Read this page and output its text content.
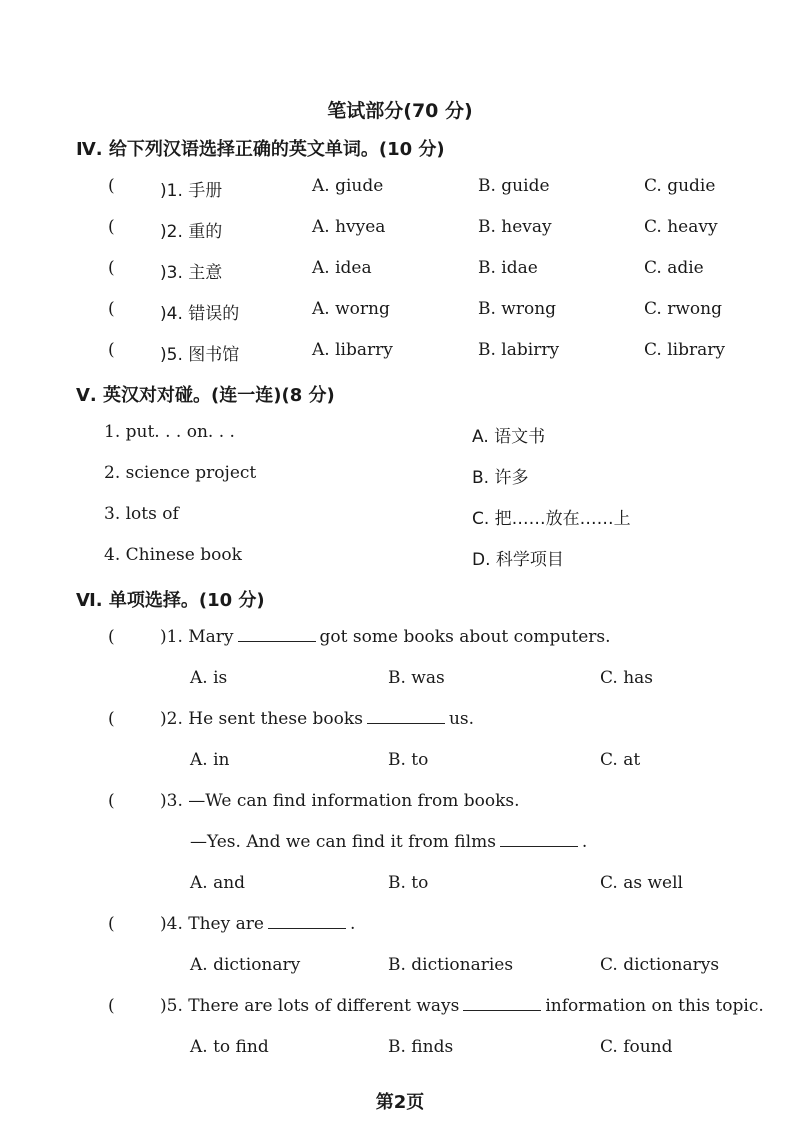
笔试部分(70 分)
Ⅳ. 给下列汉语选择正确的英文单词。(10 分)
(	)1. 手册	A. giude	B. guide	C. gudie
(	)2. 重的	A. hvyea	B. hevay	C. heavy
(	)3. 主意	A. idea	B. idae	C. adie
(	)4. 错误的	A. worng	B. wrong	C. rwong
(	)5. 图书馆	A. libarry	B. labirry	C. library
Ⅴ. 英汉对对碰。(连一连)(8 分)
1. put. . . on. . .	A. 语文书
2. science project	B. 许多
3. lots of	C. 把……放在……上
4. Chinese book	D. 科学项目
Ⅵ. 单项选择。(10 分)
(	)1. Mary	got some books about computers.
A. is	B. was	C. has
(	)2. He sent these books	us.
A. in	B. to	C. at
(	)3. —We can find information from books.
—Yes. And we can find it from films	.
A. and	B. to	C. as well
(	)4. They are	.
A. dictionary	B. dictionaries	C. dictionarys
(	)5. There are lots of different ways	information on this topic.
A. to find	B. finds	C. found
第2页
